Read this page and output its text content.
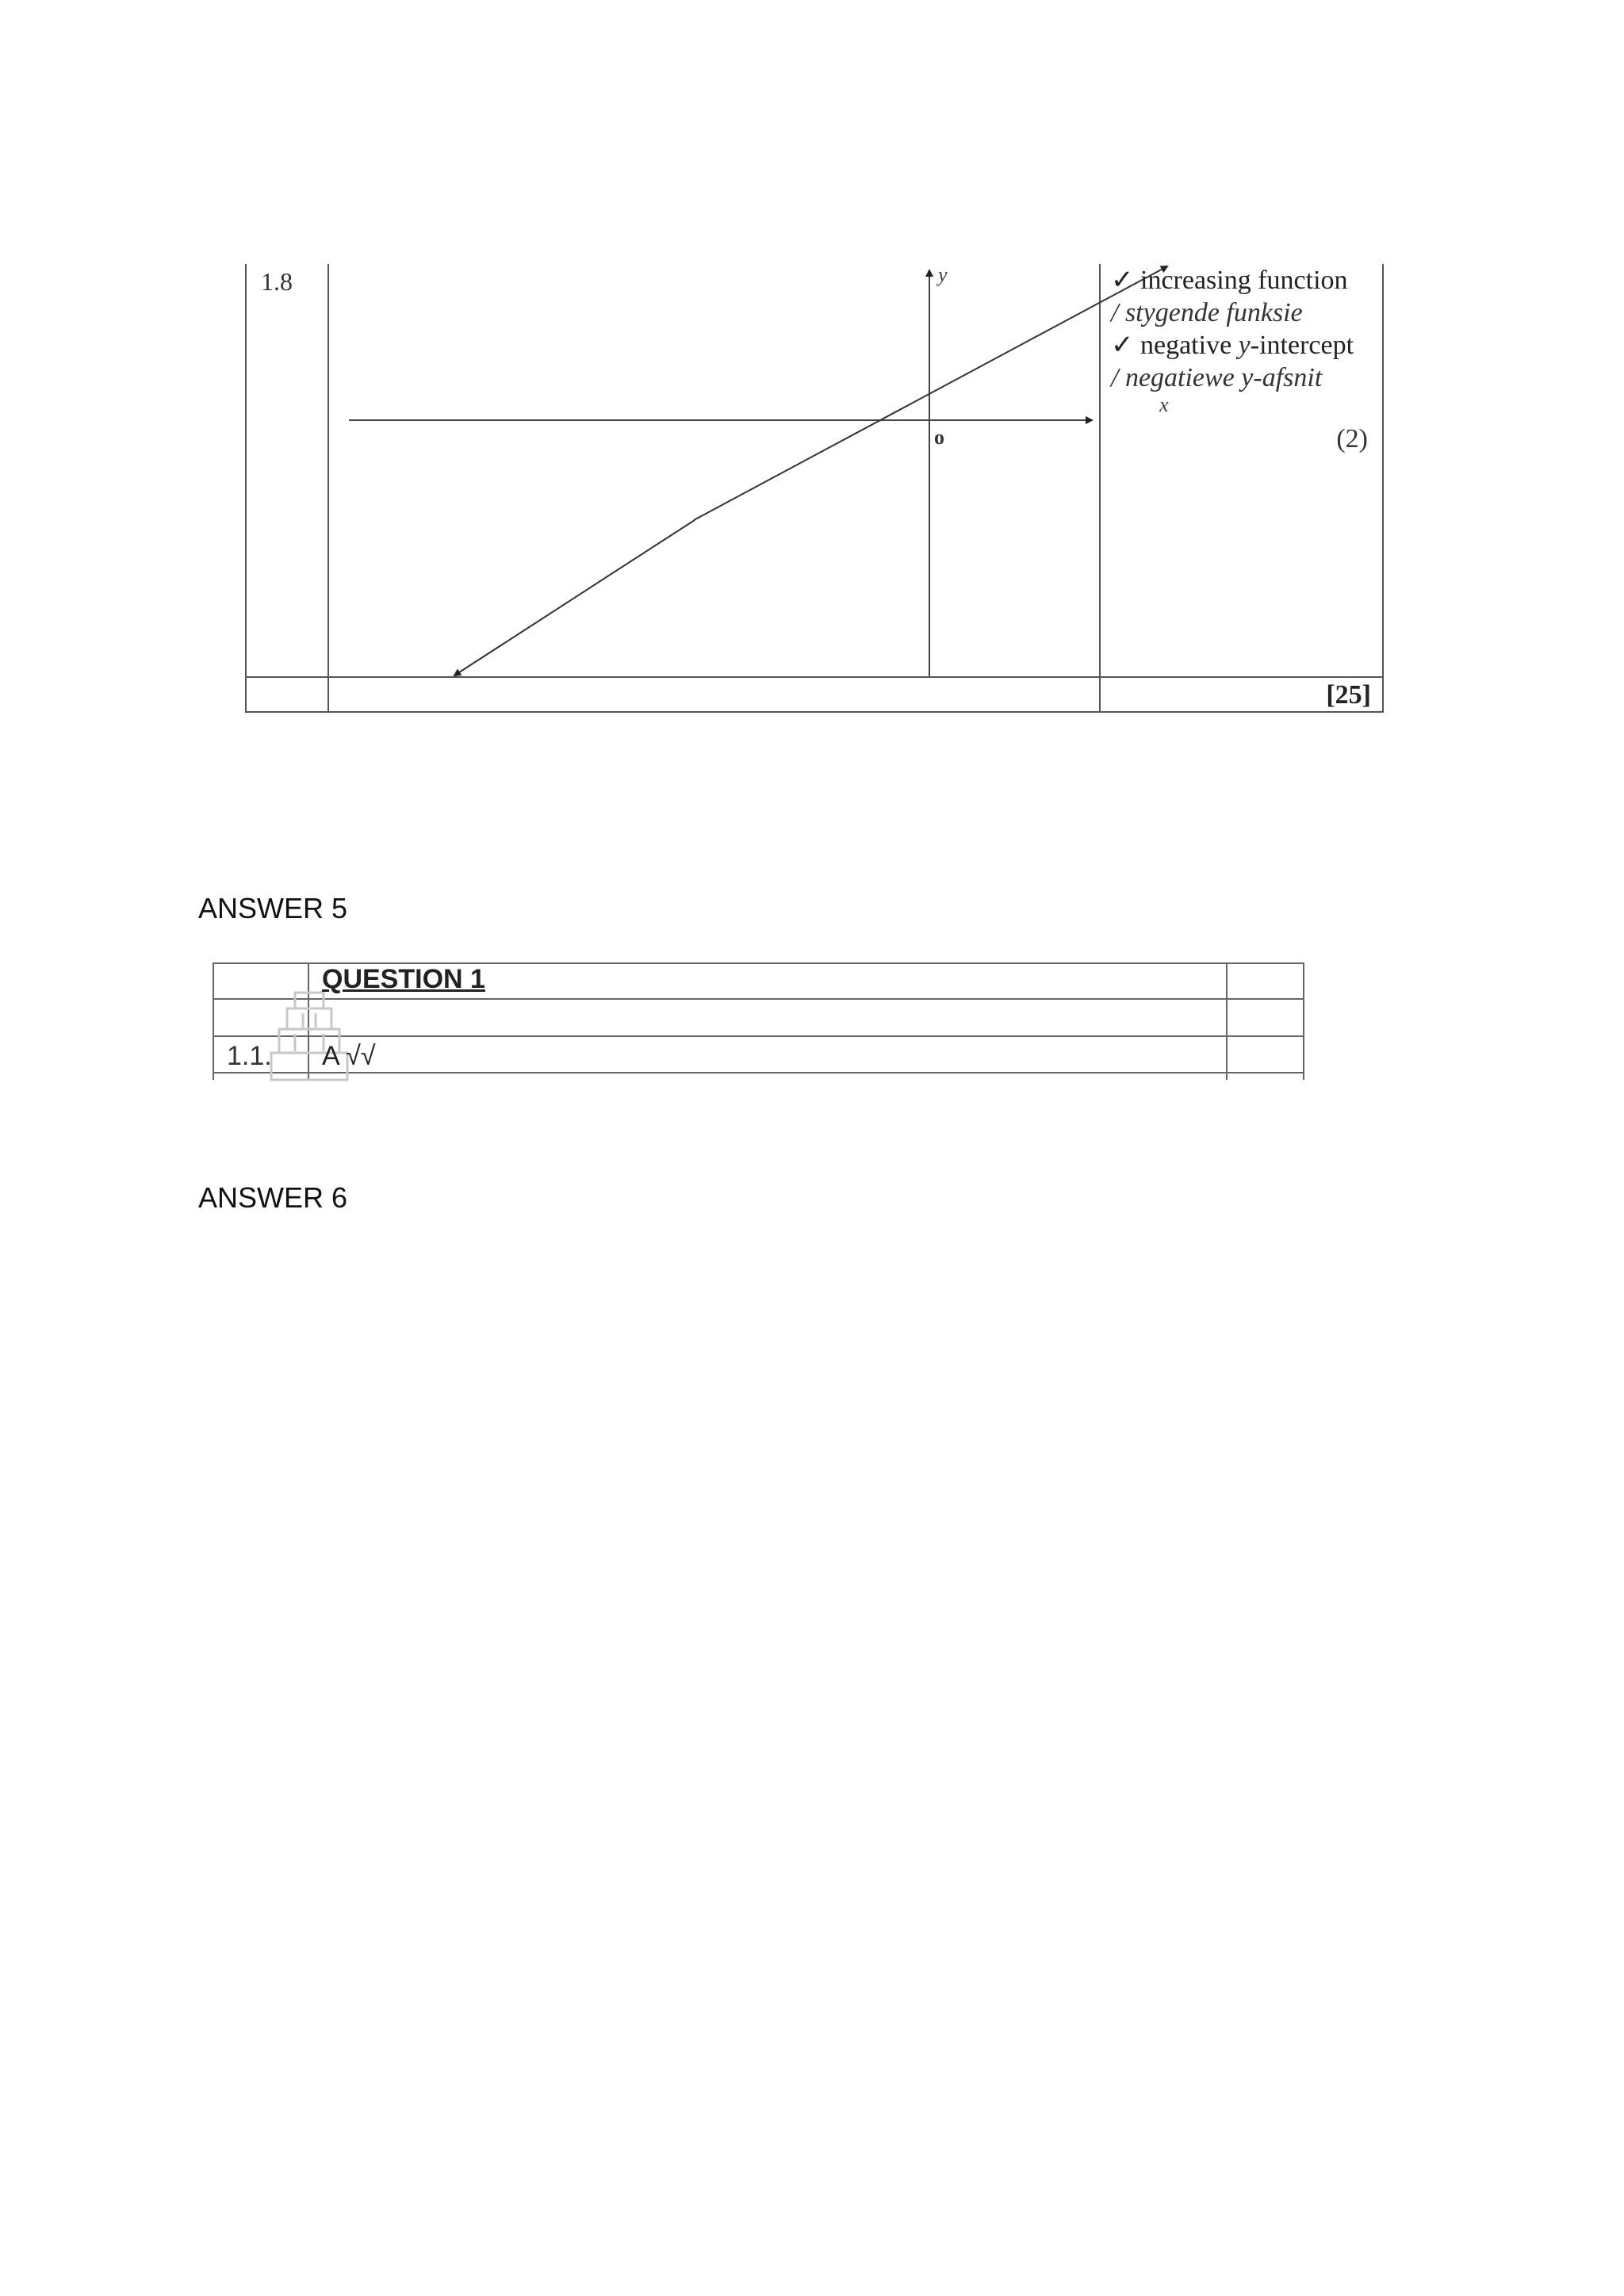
1.8	y
x
o
✓ increasing function
/ stygende funksie
✓ negative y-intercept
/ negatiewe y-afsnit
(2)
[25]
ANSWER 5
QUESTION 1
1.1. A √√
ANSWER 6
